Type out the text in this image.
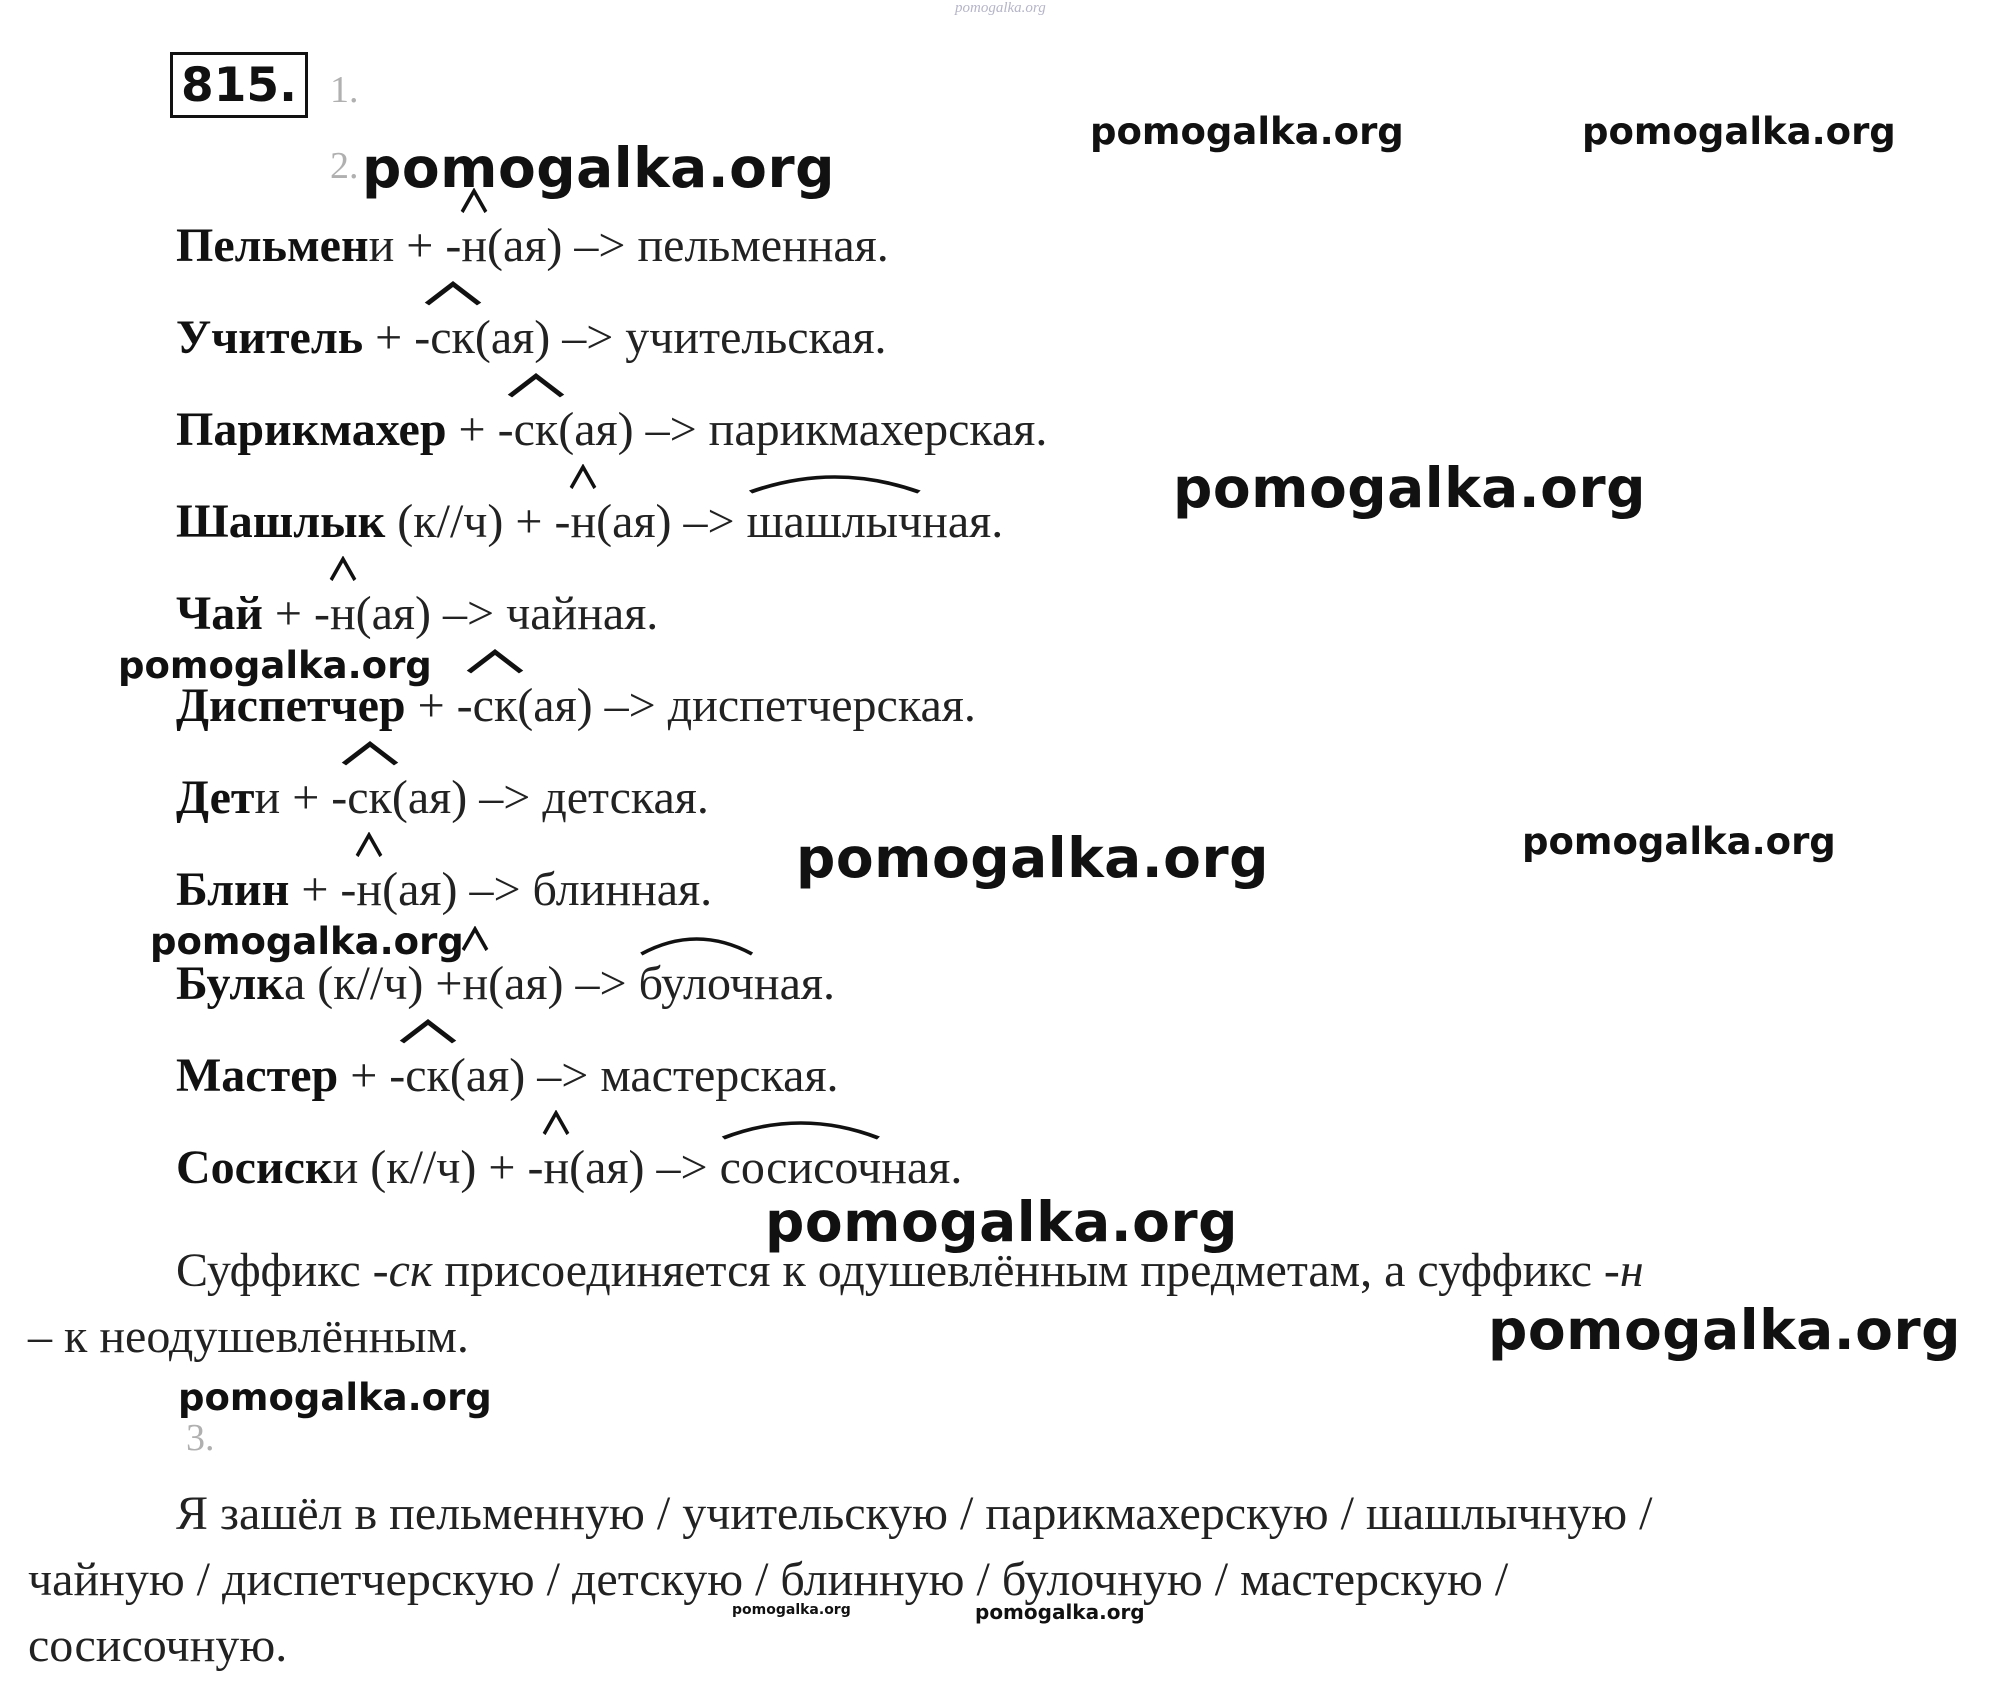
pomogalka.org
815. 1.
2. pomogalka.org
pomogalka.org	pomogalka.org
pomogalka.org
pomogalka.org
pomogalka.org	pomogalka.org
pomogalka.org
pomogalka.org
pomogalka.org
pomogalka.org
pomogalka.org	pomogalka.org
Пельмени + -н
(ая) –> пельменная.
Учитель + -ск
(ая) –> учительская.
Парикмахер + -ск
(ая) –> парикмахерская.
Шашлык (к//ч) + -н
(ая) –> шашлыч
ная.
Чай + -н
(ая) –> чайная.
Диспетчер + -ск
(ая) –> диспетчерская.
Дети + -ск
(ая) –> детская.
Блин + -н
(ая) –> блинная.
Булка (к//ч) +н
(ая) –> булоч
ная.
Мастер + -ск
(ая) –> мастерская.
Сосиски (к//ч) + -н
(ая) –> сосисоч
ная.
Суффикс -ск присоединяется к одушевлённым предметам, а суффикс -н
– к неодушевлённым.
3.
Я зашёл в пельменную / учительскую / парикмахерскую / шашлычную /
чайную / диспетчерскую / детскую / блинную / булочную / мастерскую /
сосисочную.
